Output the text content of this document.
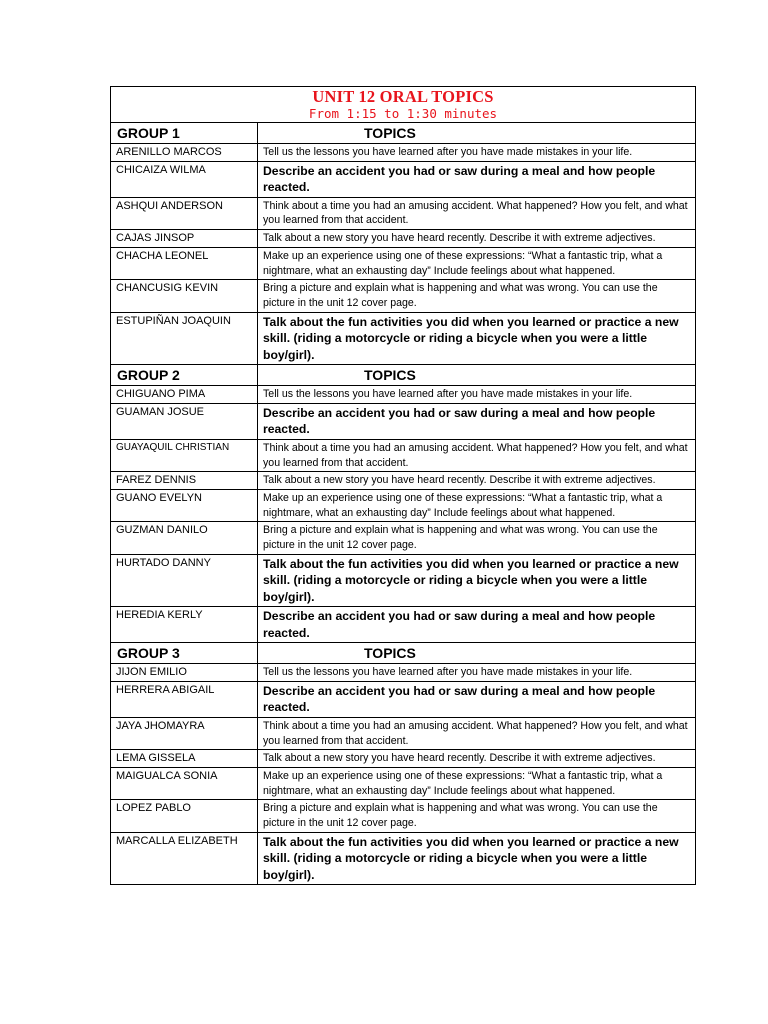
UNIT 12 ORAL TOPICS
From 1:15 to 1:30 minutes	

GROUP 1	TOPICS
ARENILLO MARCOS	Tell us the lessons you have learned after you have made mistakes in your life.
CHICAIZA WILMA	Describe an accident you had or saw during a meal and how people reacted.
ASHQUI ANDERSON	Think about a time you had an amusing accident. What happened? How you felt, and what you learned from that accident.
CAJAS JINSOP	Talk about a new story you have heard recently. Describe it with extreme adjectives.
CHACHA LEONEL	Make up an experience using one of these expressions: “What a fantastic trip, what a nightmare, what an exhausting day” Include feelings about what happened.
CHANCUSIG KEVIN	Bring a picture and explain what is happening and what was wrong. You can use the picture in the unit 12 cover page.
ESTUPIÑAN JOAQUIN	Talk about the fun activities you did when you learned or practice a new skill. (riding a motorcycle or riding a bicycle when you were a little boy/girl).
GROUP 2	TOPICS
CHIGUANO PIMA	Tell us the lessons you have learned after you have made mistakes in your life.
GUAMAN JOSUE	Describe an accident you had or saw during a meal and how people reacted.
GUAYAQUIL CHRISTIAN	Think about a time you had an amusing accident. What happened? How you felt, and what you learned from that accident.
FAREZ DENNIS	Talk about a new story you have heard recently. Describe it with extreme adjectives.
GUANO EVELYN	Make up an experience using one of these expressions: “What a fantastic trip, what a nightmare, what an exhausting day” Include feelings about what happened.
GUZMAN DANILO	Bring a picture and explain what is happening and what was wrong. You can use the picture in the unit 12 cover page.
HURTADO DANNY	Talk about the fun activities you did when you learned or practice a new skill. (riding a motorcycle or riding a bicycle when you were a little boy/girl).
HEREDIA KERLY	Describe an accident you had or saw during a meal and how people reacted.
GROUP 3	TOPICS
JIJON EMILIO	Tell us the lessons you have learned after you have made mistakes in your life.
HERRERA ABIGAIL	Describe an accident you had or saw during a meal and how people reacted.
JAYA JHOMAYRA	Think about a time you had an amusing accident. What happened? How you felt, and what you learned from that accident.
LEMA GISSELA	Talk about a new story you have heard recently. Describe it with extreme adjectives.
MAIGUALCA SONIA	Make up an experience using one of these expressions: “What a fantastic trip, what a nightmare, what an exhausting day” Include feelings about what happened.
LOPEZ PABLO	Bring a picture and explain what is happening and what was wrong. You can use the picture in the unit 12 cover page.
MARCALLA ELIZABETH	Talk about the fun activities you did when you learned or practice a new skill. (riding a motorcycle or riding a bicycle when you were a little boy/girl).
